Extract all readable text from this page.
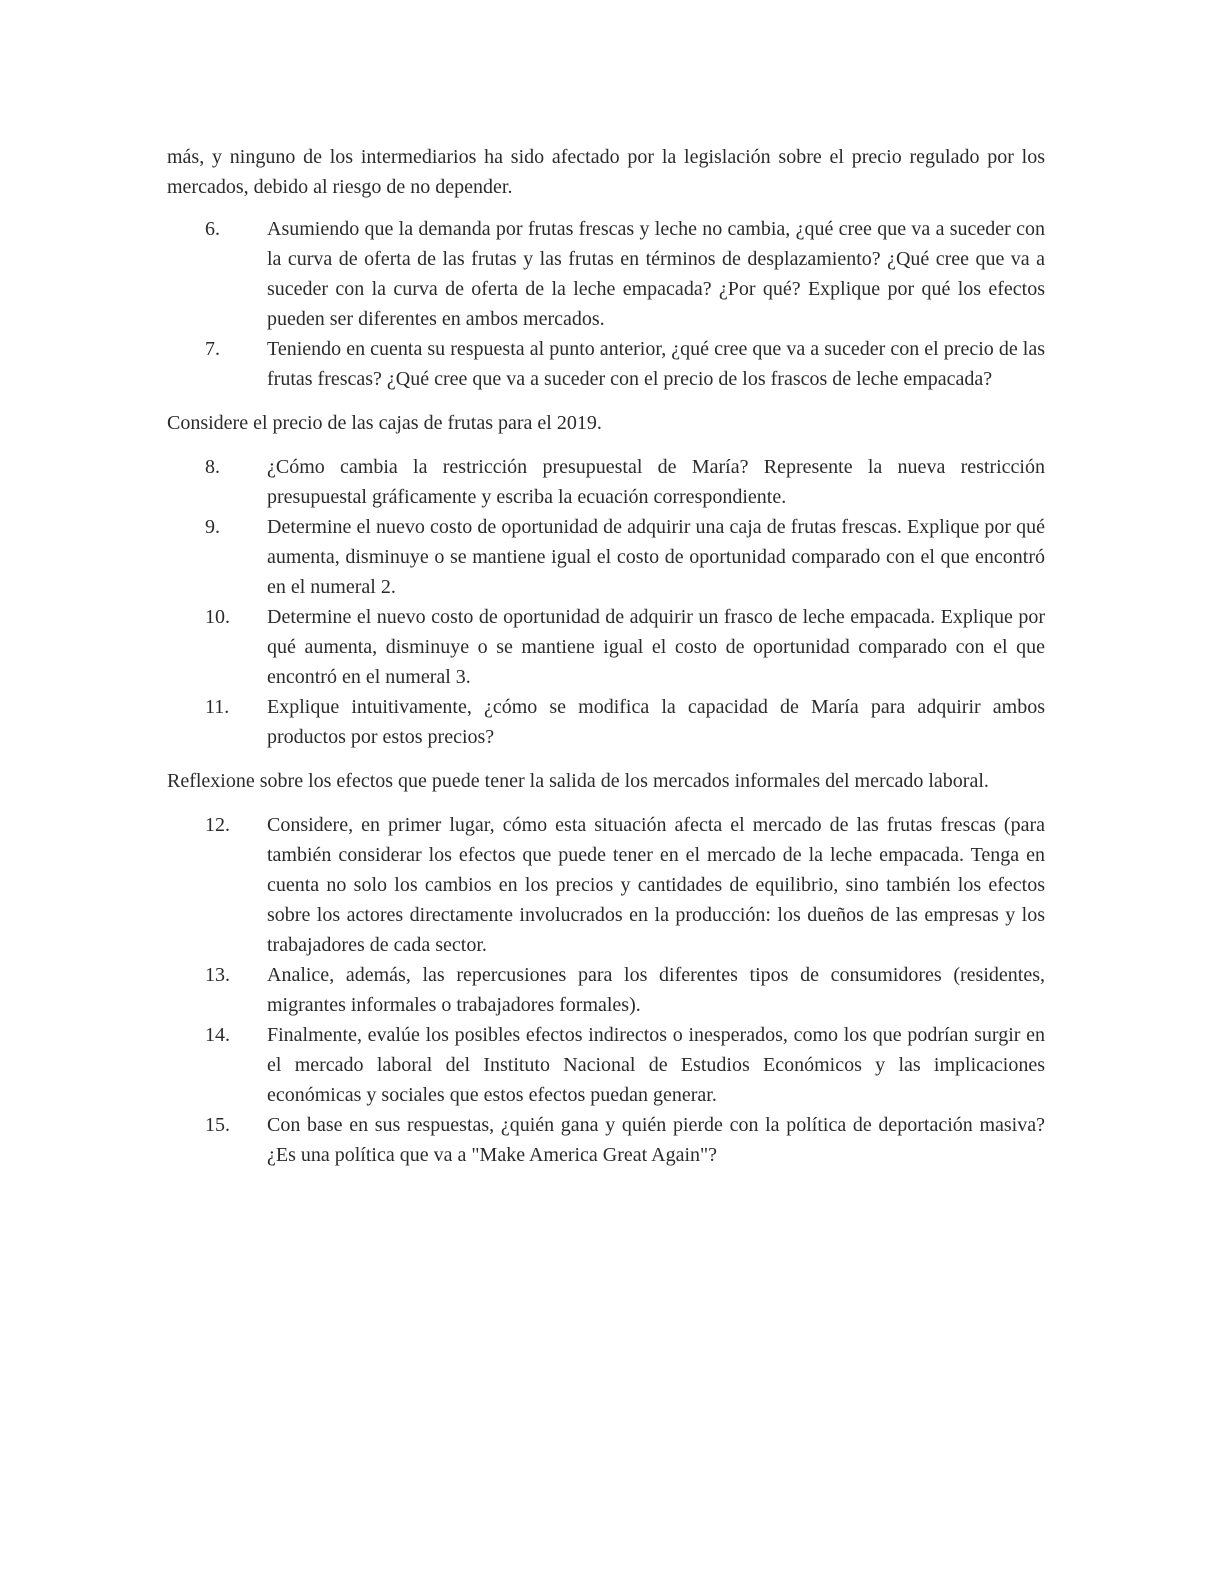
más, y ninguno de los intermediarios ha sido afectado por la legislación sobre el precio regulado por los mercados, debido al riesgo de no depender.

6. Asumiendo que la demanda por frutas frescas y leche no cambia, ¿qué cree que va a suceder con la curva de oferta de las frutas y las frutas en términos de desplazamiento? ¿Qué cree que va a suceder con la curva de oferta de la leche empacada? ¿Por qué? Explique por qué los efectos pueden ser diferentes en ambos mercados.
7. Teniendo en cuenta su respuesta al punto anterior, ¿qué cree que va a suceder con el precio de las frutas frescas? ¿Qué cree que va a suceder con el precio de los frascos de leche empacada?

Considere el precio de las cajas de frutas para el 2019.

8. ¿Cómo cambia la restricción presupuestal de María? Represente la nueva restricción presupuestal gráficamente y escriba la ecuación correspondiente.
9. Determine el nuevo costo de oportunidad de adquirir una caja de frutas frescas. Explique por qué aumenta, disminuye o se mantiene igual el costo de oportunidad comparado con el que encontró en el numeral 2.
10. Determine el nuevo costo de oportunidad de adquirir un frasco de leche empacada. Explique por qué aumenta, disminuye o se mantiene igual el costo de oportunidad comparado con el que encontró en el numeral 3.
11. Explique intuitivamente, ¿cómo se modifica la capacidad de María para adquirir ambos productos por estos precios?

Reflexione sobre los efectos que puede tener la salida de los mercados informales del mercado laboral.

12. Considere, en primer lugar, cómo esta situación afecta el mercado de las frutas frescas (para también considerar los efectos que puede tener en el mercado de la leche empacada. Tenga en cuenta no solo los cambios en los precios y cantidades de equilibrio, sino también los efectos sobre los actores directamente involucrados en la producción: los dueños de las empresas y los trabajadores de cada sector.
13. Analice, además, las repercusiones para los diferentes tipos de consumidores (residentes, migrantes informales o trabajadores formales).
14. Finalmente, evalúe los posibles efectos indirectos o inesperados, como los que podrían surgir en el mercado laboral del Instituto Nacional de Estudios Económicos y las implicaciones económicas y sociales que estos efectos puedan generar.
15. Con base en sus respuestas, ¿quién gana y quién pierde con la política de deportación masiva? ¿Es una política que va a "Make America Great Again"?
